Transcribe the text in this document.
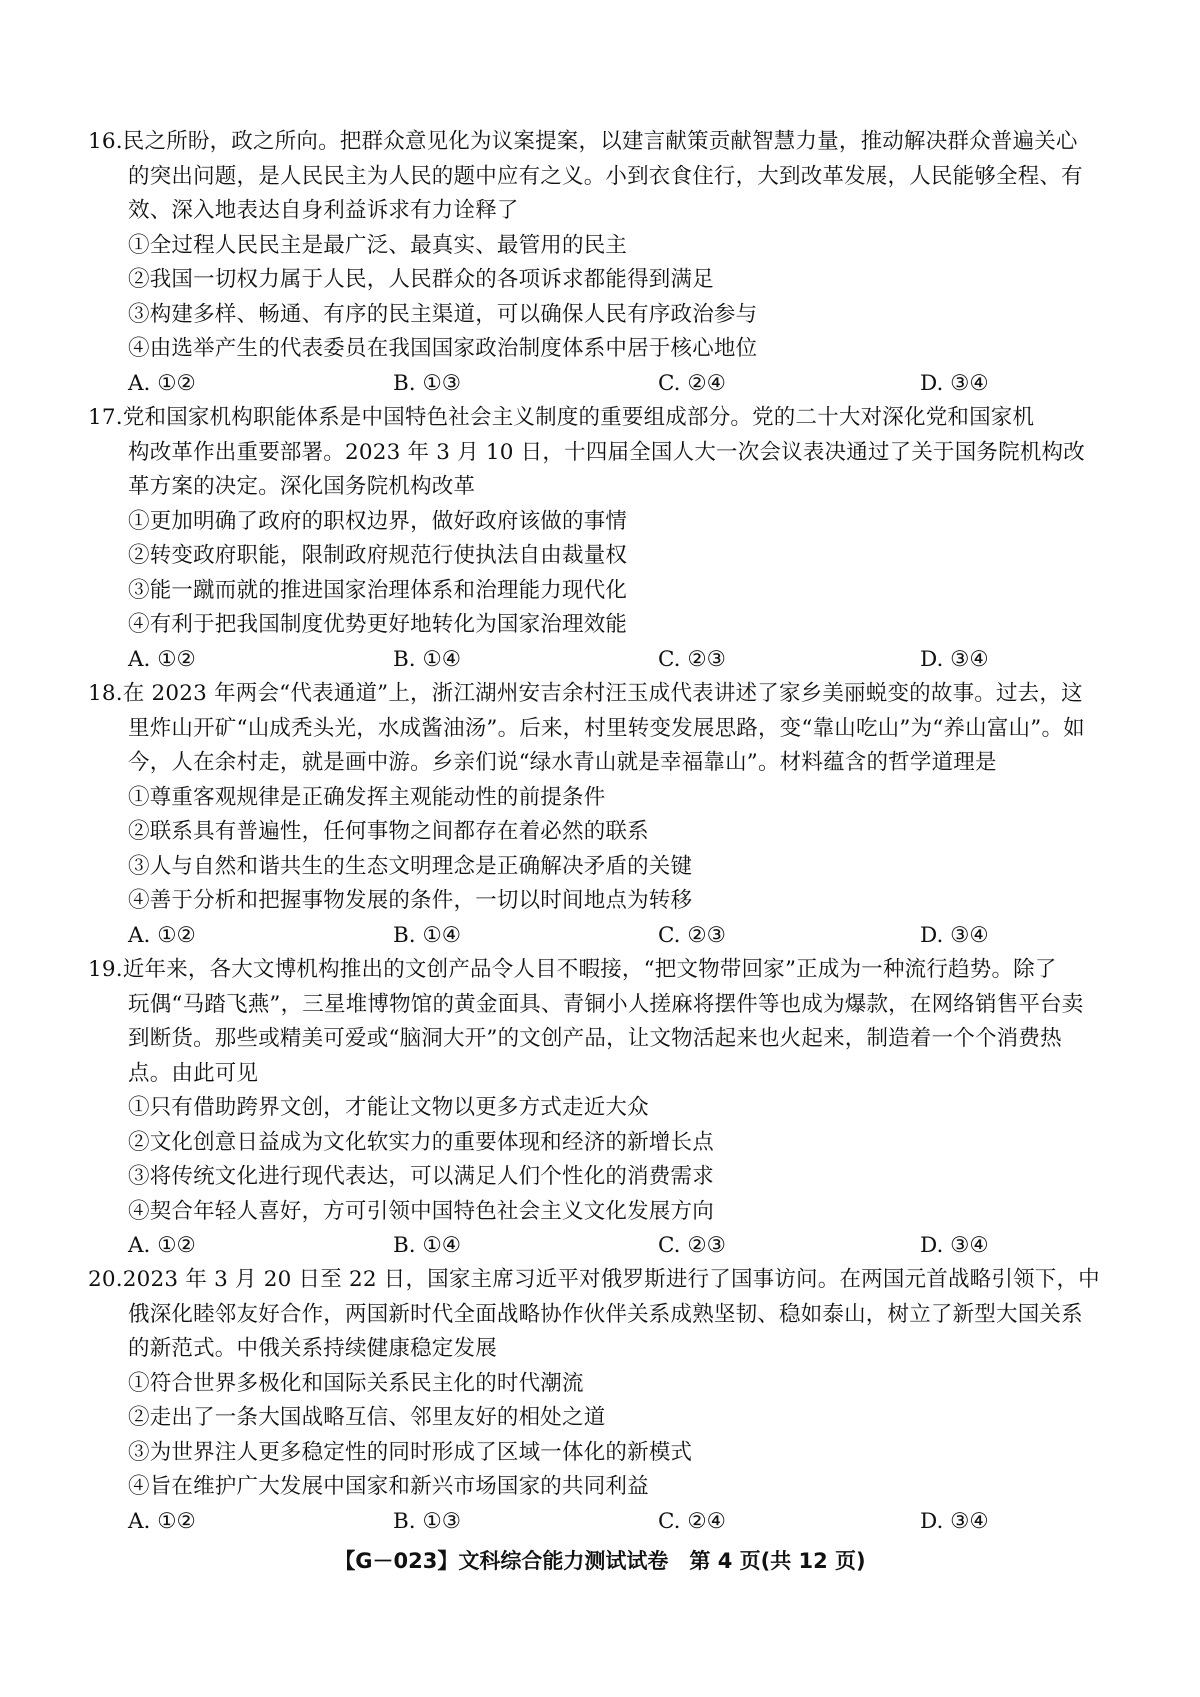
16.民之所盼，政之所向。把群众意见化为议案提案，以建言献策贡献智慧力量，推动解决群众普遍关心
的突出问题，是人民民主为人民的题中应有之义。小到衣食住行，大到改革发展，人民能够全程、有
效、深入地表达自身利益诉求有力诠释了
①全过程人民民主是最广泛、最真实、最管用的民主
②我国一切权力属于人民，人民群众的各项诉求都能得到满足
③构建多样、畅通、有序的民主渠道，可以确保人民有序政治参与
④由选举产生的代表委员在我国国家政治制度体系中居于核心地位
A. ①②	B. ①③	C. ②④	D. ③④
17.党和国家机构职能体系是中国特色社会主义制度的重要组成部分。党的二十大对深化党和国家机
构改革作出重要部署。2023 年 3 月 10 日，十四届全国人大一次会议表决通过了关于国务院机构改
革方案的决定。深化国务院机构改革
①更加明确了政府的职权边界，做好政府该做的事情
②转变政府职能，限制政府规范行使执法自由裁量权
③能一蹴而就的推进国家治理体系和治理能力现代化
④有利于把我国制度优势更好地转化为国家治理效能
A. ①②	B. ①④	C. ②③	D. ③④
18.在 2023 年两会“代表通道”上，浙江湖州安吉余村汪玉成代表讲述了家乡美丽蜕变的故事。过去，这
里炸山开矿“山成秃头光，水成酱油汤”。后来，村里转变发展思路，变“靠山吃山”为“养山富山”。如
今，人在余村走，就是画中游。乡亲们说“绿水青山就是幸福靠山”。材料蕴含的哲学道理是
①尊重客观规律是正确发挥主观能动性的前提条件
②联系具有普遍性，任何事物之间都存在着必然的联系
③人与自然和谐共生的生态文明理念是正确解决矛盾的关键
④善于分析和把握事物发展的条件，一切以时间地点为转移
A. ①②	B. ①④	C. ②③	D. ③④
19.近年来，各大文博机构推出的文创产品令人目不暇接，“把文物带回家”正成为一种流行趋势。除了
玩偶“马踏飞燕”，三星堆博物馆的黄金面具、青铜小人搓麻将摆件等也成为爆款，在网络销售平台卖
到断货。那些或精美可爱或“脑洞大开”的文创产品，让文物活起来也火起来，制造着一个个消费热
点。由此可见
①只有借助跨界文创，才能让文物以更多方式走近大众
②文化创意日益成为文化软实力的重要体现和经济的新增长点
③将传统文化进行现代表达，可以满足人们个性化的消费需求
④契合年轻人喜好，方可引领中国特色社会主义文化发展方向
A. ①②	B. ①④	C. ②③	D. ③④
20.2023 年 3 月 20 日至 22 日，国家主席习近平对俄罗斯进行了国事访问。在两国元首战略引领下，中
俄深化睦邻友好合作，两国新时代全面战略协作伙伴关系成熟坚韧、稳如泰山，树立了新型大国关系
的新范式。中俄关系持续健康稳定发展
①符合世界多极化和国际关系民主化的时代潮流
②走出了一条大国战略互信、邻里友好的相处之道
③为世界注人更多稳定性的同时形成了区域一体化的新模式
④旨在维护广大发展中国家和新兴市场国家的共同利益
A. ①②	B. ①③	C. ②④	D. ③④
【G－023】文科综合能力测试试卷　第 4 页(共 12 页)
